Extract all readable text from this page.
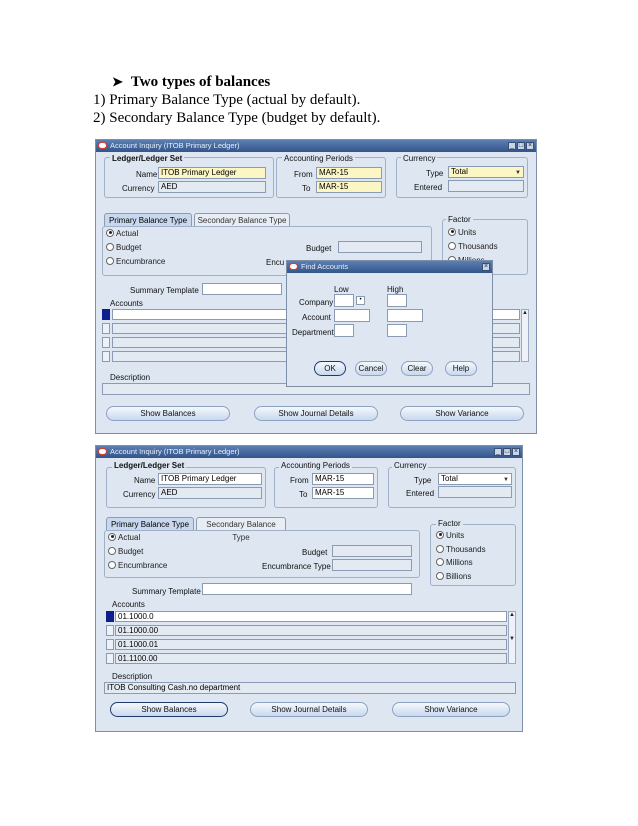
➤ Two types of balances
1) Primary Balance Type (actual by default).
2) Secondary Balance Type (budget by default).
Account Inquiry (ITOB Primary Ledger)	_ □ ×
Ledger/Ledger Set
Name ITOB Primary Ledger
Currency AED
Accounting Periods
From MAR-15
To	MAR-15
Currency
Type Total	▼
Entered
Primary Balance Type	Secondary Balance Type
Actual
Budget
Encumbrance
Budget
Encu
Factor
Units
Thousands
Summary Template
Accounts
▲
Description
Show Balances	Show Journal Details	Show Variance
Find Accounts	×
Low	High
Company	•
Account
Department
OK	Cancel	Clear	Help
Account Inquiry (ITOB Primary Ledger)	_ □ ×
Ledger/Ledger Set
Name ITOB Primary Ledger
Currency AED
Accounting Periods
From MAR-15
To MAR-15
Currency
Type	Total	▼
Entered
Primary Balance Type	Secondary Balance Type
Actual
Budget
Encumbrance
Budget
Encumbrance Type
Factor
Units
Thousands
Millions
Billions
Summary Template
Accounts
01.1000.0
01.1000.00
01.1000.01
01.1100.00
▲

▼
Description
ITOB Consulting Cash.no department
Show Balances	Show Journal Details	Show Variance
